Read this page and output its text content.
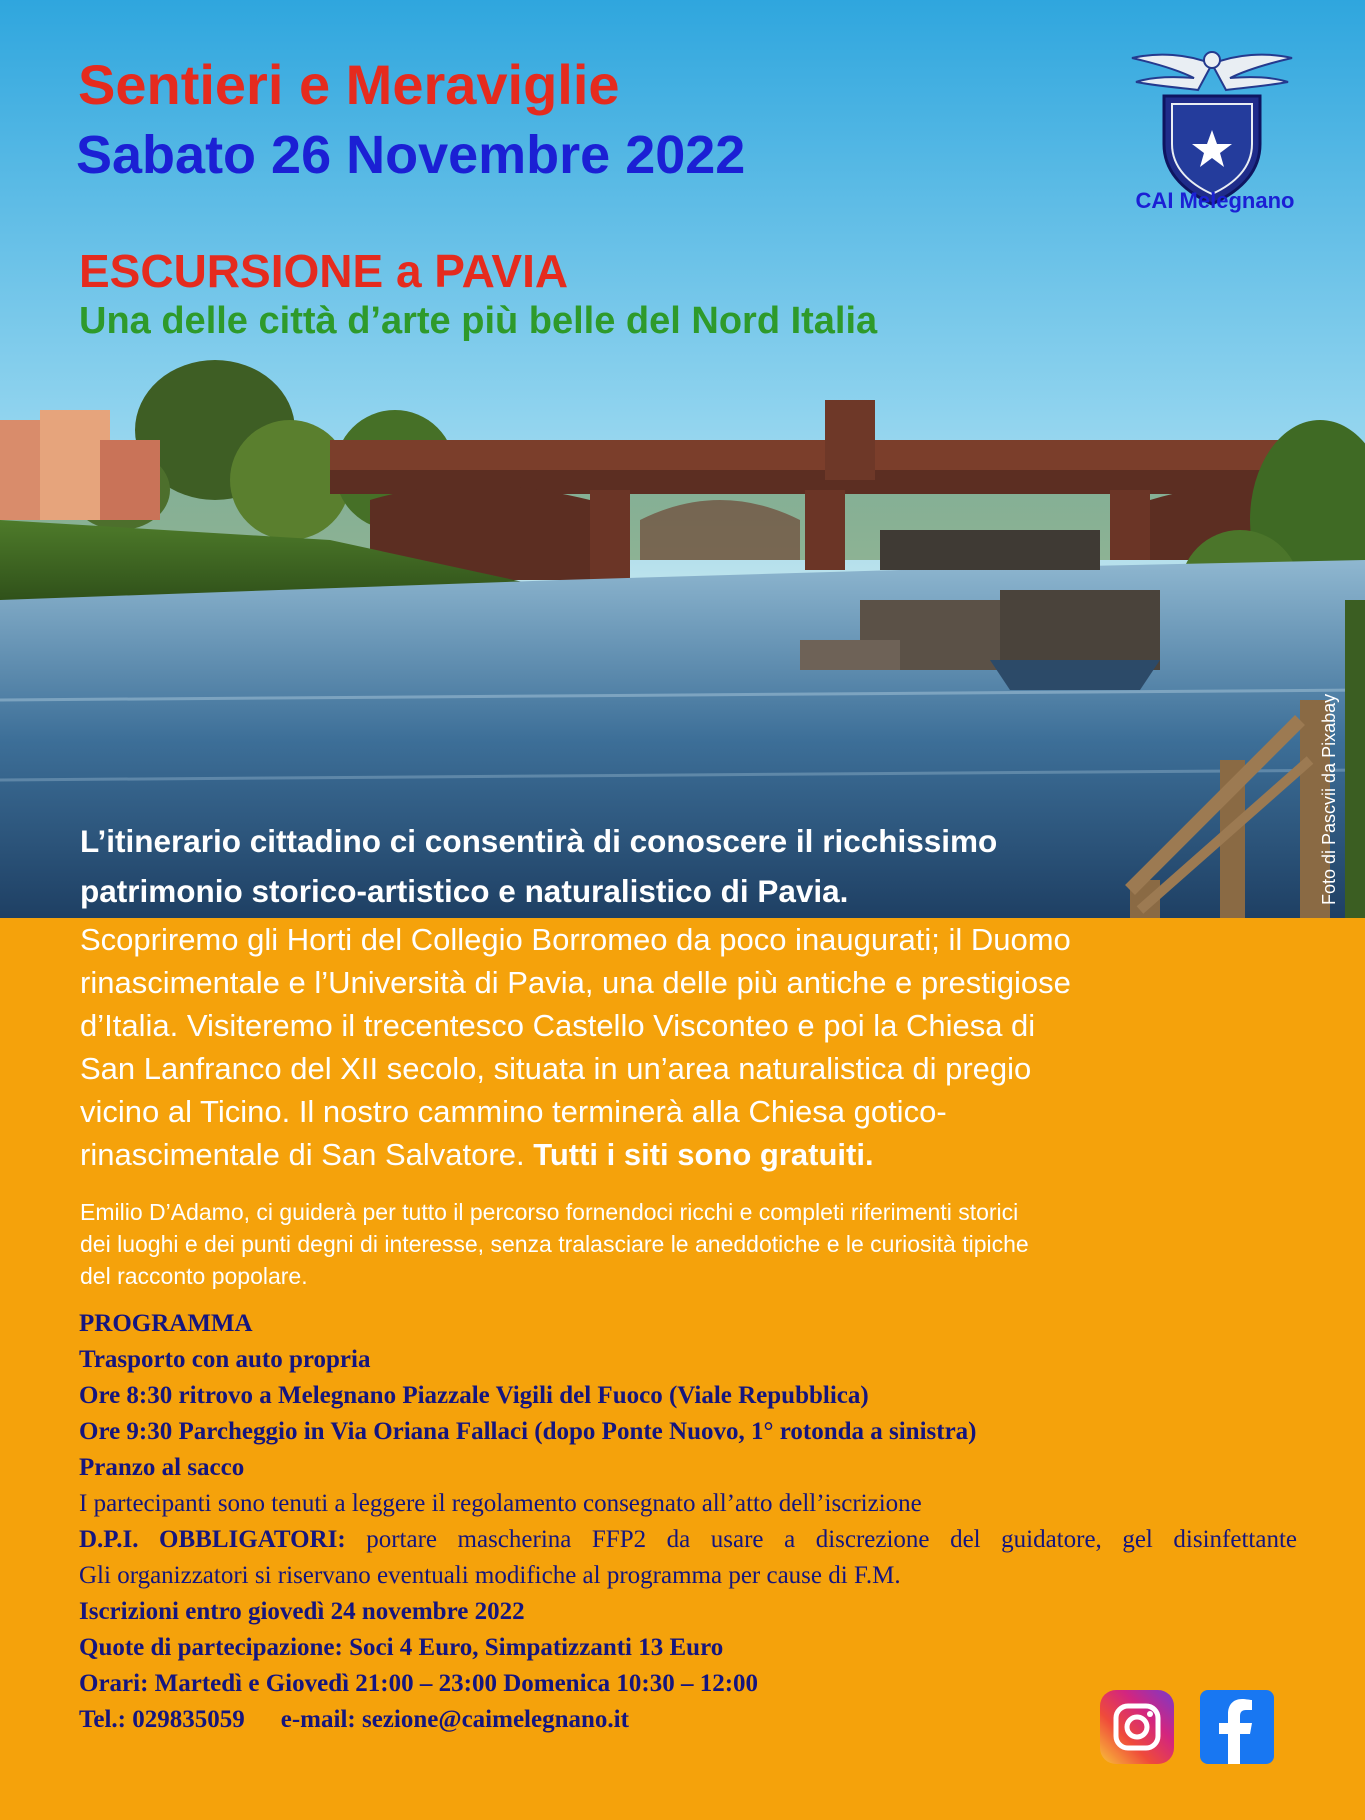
Sentieri e Meraviglie
Sabato 26 Novembre 2022
ESCURSIONE a PAVIA
Una delle città d’arte più belle del Nord Italia
CAI Melegnano
Foto di Pascvii da Pixabay

L’itinerario cittadino ci consentirà di conoscere il ricchissimo
patrimonio storico-artistico e naturalistico di Pavia.

Scopriremo gli Horti del Collegio Borromeo da poco inaugurati; il Duomo
rinascimentale e l’Università di Pavia, una delle più antiche e prestigiose
d’Italia. Visiteremo il trecentesco Castello Visconteo e poi la Chiesa di
San Lanfranco del XII secolo, situata in un’area naturalistica di pregio
vicino al Ticino. Il nostro cammino terminerà alla Chiesa gotico-
rinascimentale di San Salvatore. Tutti i siti sono gratuiti.

Emilio D’Adamo, ci guiderà per tutto il percorso fornendoci ricchi e completi riferimenti storici
dei luoghi e dei punti degni di interesse, senza tralasciare le aneddotiche e le curiosità tipiche
del racconto popolare.

PROGRAMMA
Trasporto con auto propria
Ore 8:30 ritrovo a Melegnano Piazzale Vigili del Fuoco (Viale Repubblica)
Ore 9:30 Parcheggio in Via Oriana Fallaci (dopo Ponte Nuovo, 1° rotonda a sinistra)
Pranzo al sacco
I partecipanti sono tenuti a leggere il regolamento consegnato all’atto dell’iscrizione
D.P.I. OBBLIGATORI: portare mascherina FFP2 da usare a discrezione del guidatore, gel disinfettante
Gli organizzatori si riservano eventuali modifiche al programma per cause di F.M.
Iscrizioni entro giovedì 24 novembre 2022
Quote di partecipazione: Soci 4 Euro, Simpatizzanti 13 Euro
Orari: Martedì e Giovedì 21:00 – 23:00 Domenica 10:30 – 12:00
Tel.: 029835059 e-mail: sezione@caimelegnano.it
